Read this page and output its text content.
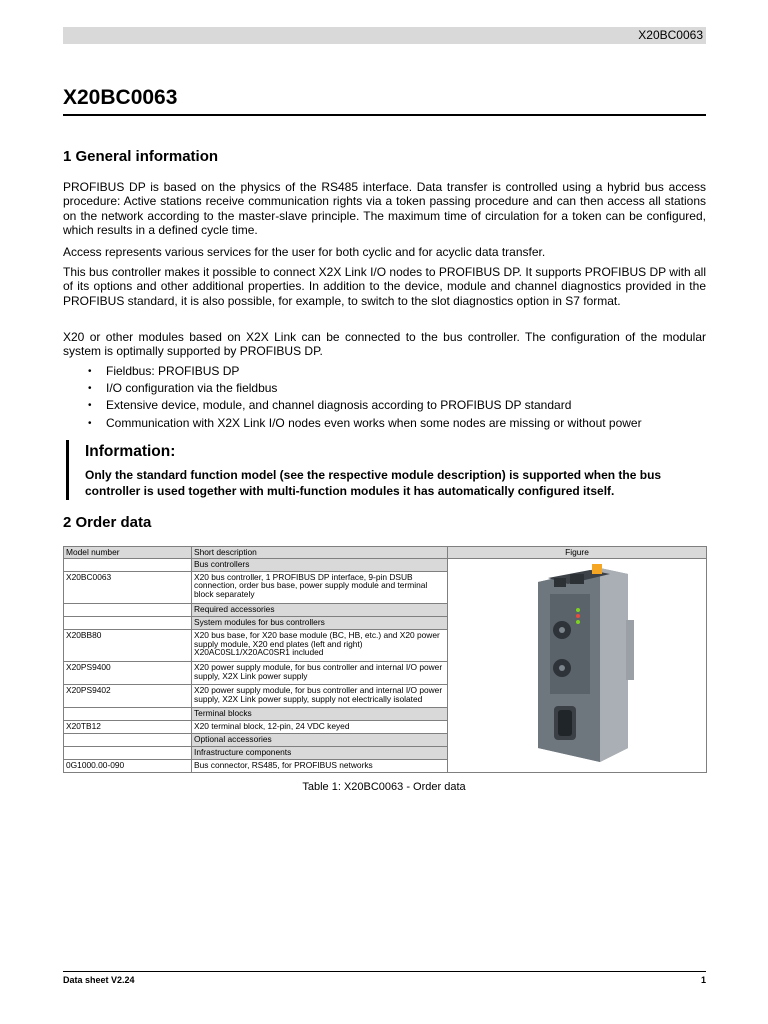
X20BC0063
X20BC0063
1 General information

PROFIBUS DP is based on the physics of the RS485 interface. Data transfer is controlled using a hybrid bus access procedure: Active stations receive communication rights via a token passing procedure and can then access all stations on the network according to the master-slave principle. The maximum time of circulation for a token can be configured, which results in a defined cycle time.

Access represents various services for the user for both cyclic and for acyclic data transfer.

This bus controller makes it possible to connect X2X Link I/O nodes to PROFIBUS DP. It supports PROFIBUS DP with all of its options and other additional properties. In addition to the device, module and channel diagnostics provided in the PROFIBUS standard, it is also possible, for example, to switch to the slot diagnostics option in S7 format.

X20 or other modules based on X2X Link can be connected to the bus controller. The configuration of the modular system is optimally supported by PROFIBUS DP.

• Fieldbus: PROFIBUS DP
• I/O configuration via the fieldbus
• Extensive device, module, and channel diagnosis according to PROFIBUS DP standard
• Communication with X2X Link I/O nodes even works when some nodes are missing or without power
Information:

Only the standard function model (see the respective module description) is supported when the bus controller is used together with multi-function modules it has automatically configured itself.

2 Order data
Model number	Short description	Figure
	Bus controllers	
X20BC0063	X20 bus controller, 1 PROFIBUS DP interface, 9-pin DSUB connection, order bus base, power supply module and terminal block separately	
	Required accessories	
	System modules for bus controllers	
X20BB80	X20 bus base, for X20 base module (BC, HB, etc.) and X20 power supply module, X20 end plates (left and right) X20AC0SL1/X20AC0SR1 included	
X20PS9400	X20 power supply module, for bus controller and internal I/O power supply, X2X Link power supply	
X20PS9402	X20 power supply module, for bus controller and internal I/O power supply, X2X Link power supply, supply not electrically isolated	
	Terminal blocks	
X20TB12	X20 terminal block, 12-pin, 24 VDC keyed	
	Optional accessories	
	Infrastructure components	
0G1000.00-090	Bus connector, RS485, for PROFIBUS networks	

Table 1: X20BC0063 - Order data

Data sheet V2.24	1
